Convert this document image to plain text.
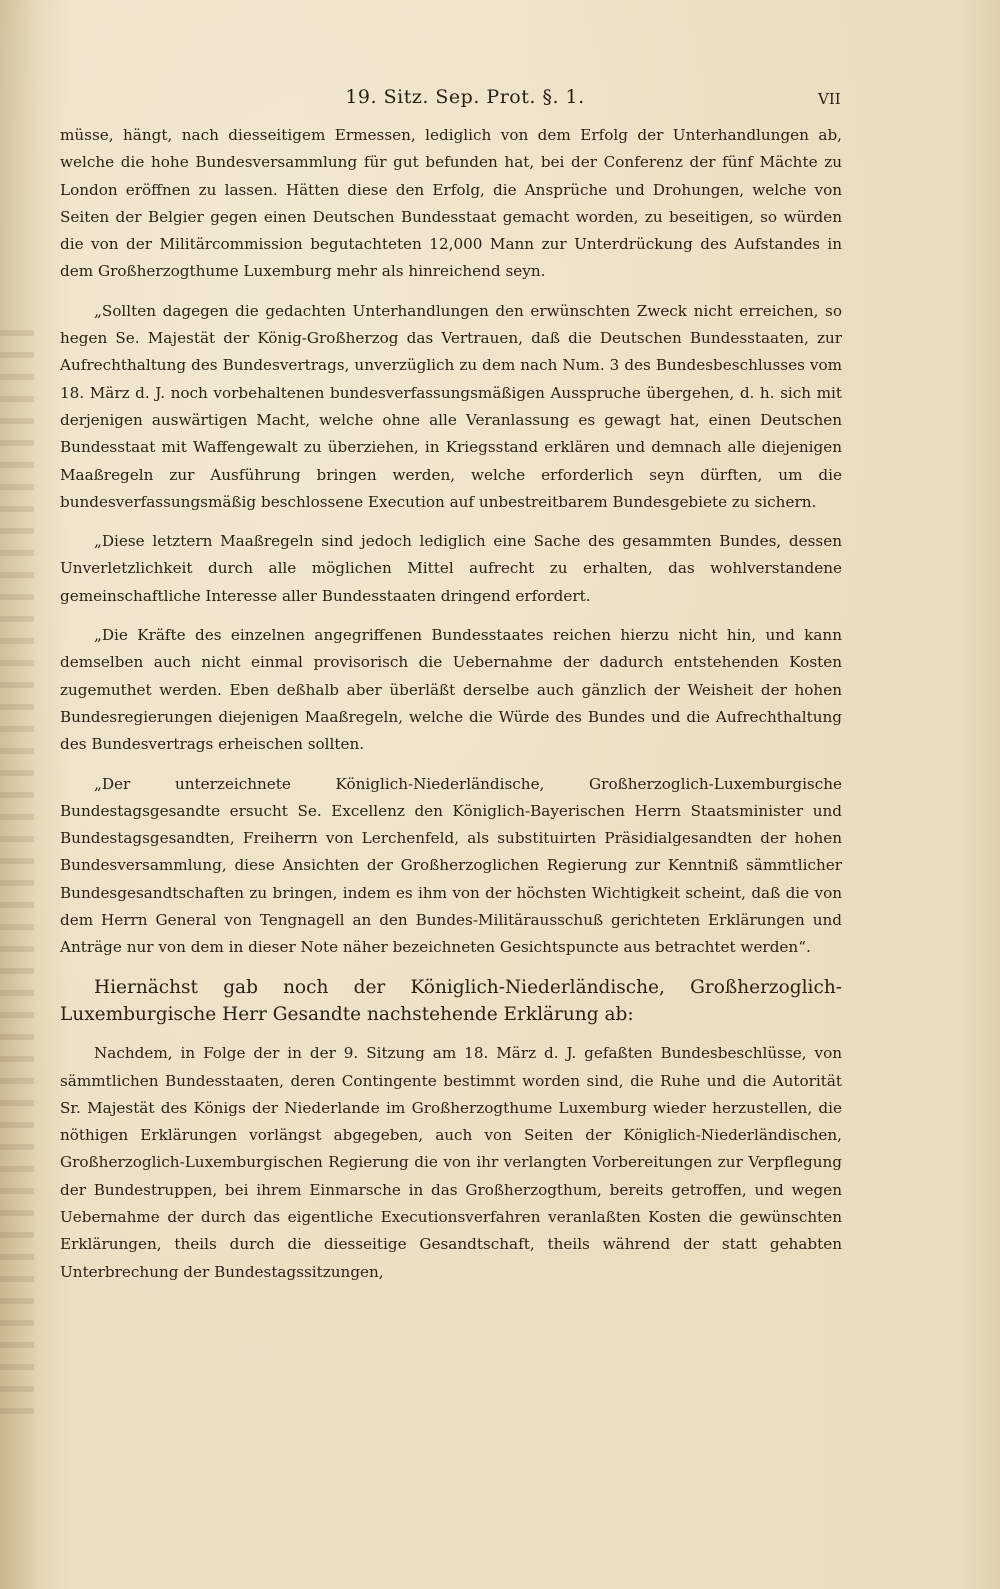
19. Sitz. Sep. Prot. §. 1.	VII

müsse, hängt, nach diesseitigem Ermessen, lediglich von dem Erfolg der Unterhandlungen ab, welche die hohe Bundesversammlung für gut befunden hat, bei der Conferenz der fünf Mächte zu London eröffnen zu lassen. Hätten diese den Erfolg, die Ansprüche und Drohungen, welche von Seiten der Belgier gegen einen Deutschen Bundesstaat gemacht worden, zu beseitigen, so würden die von der Militärcommission begutachteten 12,000 Mann zur Unterdrückung des Aufstandes in dem Großherzogthume Luxemburg mehr als hinreichend seyn.

„Sollten dagegen die gedachten Unterhandlungen den erwünschten Zweck nicht erreichen, so hegen Se. Majestät der König-Großherzog das Vertrauen, daß die Deutschen Bundesstaaten, zur Aufrechthaltung des Bundesvertrags, unverzüglich zu dem nach Num. 3 des Bundesbeschlusses vom 18. März d. J. noch vorbehaltenen bundesverfassungsmäßigen Ausspruche übergehen, d. h. sich mit derjenigen auswärtigen Macht, welche ohne alle Veranlassung es gewagt hat, einen Deutschen Bundesstaat mit Waffengewalt zu überziehen, in Kriegsstand erklären und demnach alle diejenigen Maaßregeln zur Ausführung bringen werden, welche erforderlich seyn dürften, um die bundesverfassungsmäßig beschlossene Execution auf unbestreitbarem Bundesgebiete zu sichern.

„Diese letztern Maaßregeln sind jedoch lediglich eine Sache des gesammten Bundes, dessen Unverletzlichkeit durch alle möglichen Mittel aufrecht zu erhalten, das wohlverstandene gemeinschaftliche Interesse aller Bundesstaaten dringend erfordert.

„Die Kräfte des einzelnen angegriffenen Bundesstaates reichen hierzu nicht hin, und kann demselben auch nicht einmal provisorisch die Uebernahme der dadurch entstehenden Kosten zugemuthet werden. Eben deßhalb aber überläßt derselbe auch gänzlich der Weisheit der hohen Bundesregierungen diejenigen Maaßregeln, welche die Würde des Bundes und die Aufrechthaltung des Bundesvertrags erheischen sollten.

„Der unterzeichnete Königlich-Niederländische, Großherzoglich-Luxemburgische Bundestagsgesandte ersucht Se. Excellenz den Königlich-Bayerischen Herrn Staatsminister und Bundestagsgesandten, Freiherrn von Lerchenfeld, als substituirten Präsidialgesandten der hohen Bundesversammlung, diese Ansichten der Großherzoglichen Regierung zur Kenntniß sämmtlicher Bundesgesandtschaften zu bringen, indem es ihm von der höchsten Wichtigkeit scheint, daß die von dem Herrn General von Tengnagell an den Bundes-Militärausschuß gerichteten Erklärungen und Anträge nur von dem in dieser Note näher bezeichneten Gesichtspuncte aus betrachtet werden“.

Hiernächst gab noch der Königlich-Niederländische, Großherzoglich-Luxemburgische Herr Gesandte nachstehende Erklärung ab:

Nachdem, in Folge der in der 9. Sitzung am 18. März d. J. gefaßten Bundesbeschlüsse, von sämmtlichen Bundesstaaten, deren Contingente bestimmt worden sind, die Ruhe und die Autorität Sr. Majestät des Königs der Niederlande im Großherzogthume Luxemburg wieder herzustellen, die nöthigen Erklärungen vorlängst abgegeben, auch von Seiten der Königlich-Niederländischen, Großherzoglich-Luxemburgischen Regierung die von ihr verlangten Vorbereitungen zur Verpflegung der Bundestruppen, bei ihrem Einmarsche in das Großherzogthum, bereits getroffen, und wegen Uebernahme der durch das eigentliche Executionsverfahren veranlaßten Kosten die gewünschten Erklärungen, theils durch die diesseitige Gesandtschaft, theils während der statt gehabten Unterbrechung der Bundestagssitzungen,
